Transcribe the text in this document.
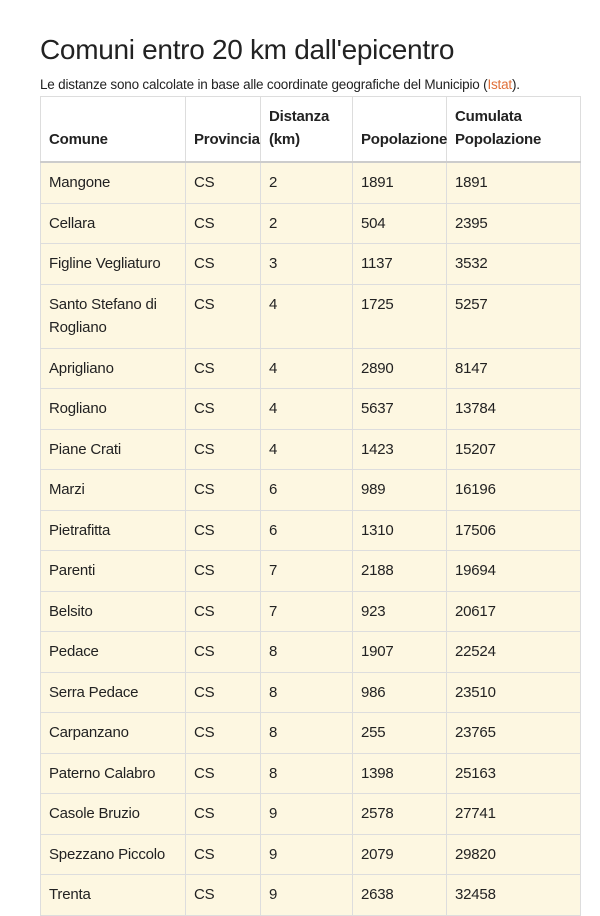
Comuni entro 20 km dall'epicentro

Le distanze sono calcolate in base alle coordinate geografiche del Municipio (Istat).

Comune	Provincia	Distanza (km)	Popolazione	Cumulata Popolazione
Mangone	CS	2	1891	1891
Cellara	CS	2	504	2395
Figline Vegliaturo	CS	3	1137	3532
Santo Stefano di Rogliano	CS	4	1725	5257
Aprigliano	CS	4	2890	8147
Rogliano	CS	4	5637	13784
Piane Crati	CS	4	1423	15207
Marzi	CS	6	989	16196
Pietrafitta	CS	6	1310	17506
Parenti	CS	7	2188	19694
Belsito	CS	7	923	20617
Pedace	CS	8	1907	22524
Serra Pedace	CS	8	986	23510
Carpanzano	CS	8	255	23765
Paterno Calabro	CS	8	1398	25163
Casole Bruzio	CS	9	2578	27741
Spezzano Piccolo	CS	9	2079	29820
Trenta	CS	9	2638	32458
